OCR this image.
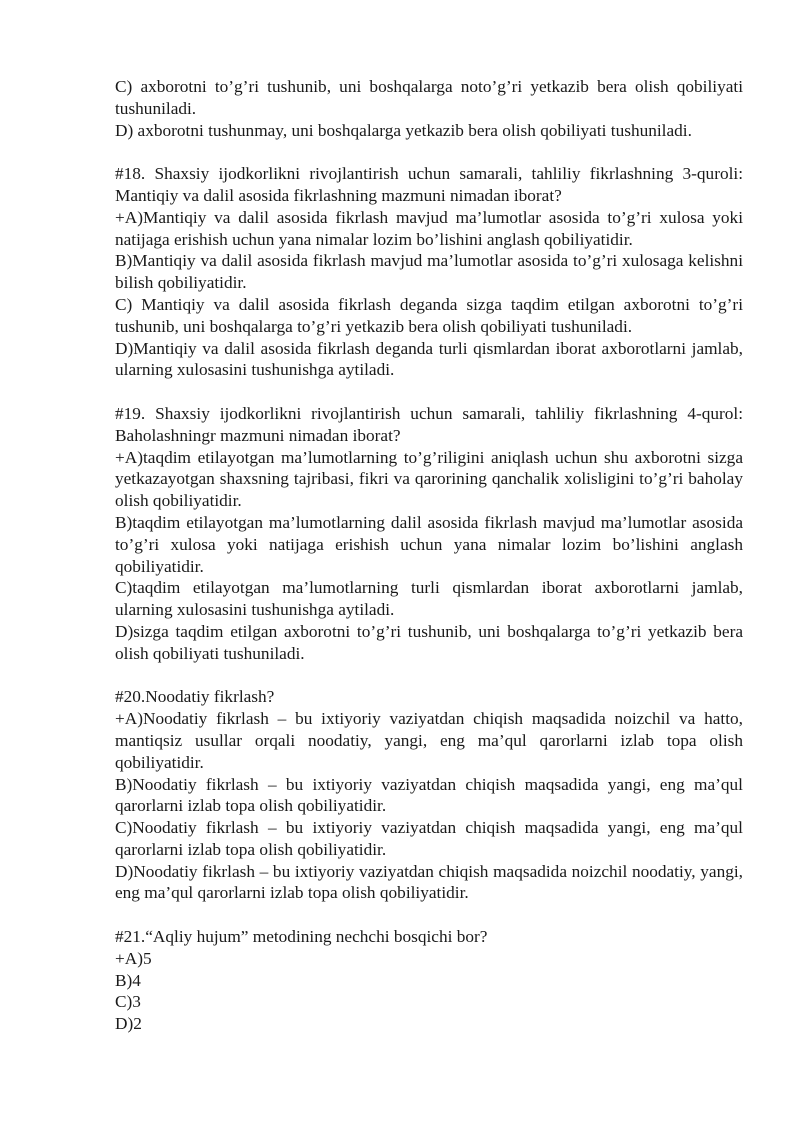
C) axborotni to’g’ri tushunib, uni boshqalarga noto’g’ri yetkazib bera olish qobiliyati tushuniladi.

D) axborotni tushunmay, uni boshqalarga yetkazib bera olish qobiliyati tushuniladi.

#18. Shaxsiy ijodkorlikni rivojlantirish uchun samarali, tahliliy fikrlashning 3-quroli: Mantiqiy va dalil asosida fikrlashning mazmuni nimadan iborat?

+A)Mantiqiy va dalil asosida fikrlash mavjud ma’lumotlar asosida to’g’ri xulosa yoki natijaga erishish uchun yana nimalar lozim bo’lishini anglash qobiliyatidir.

B)Mantiqiy va dalil asosida fikrlash mavjud ma’lumotlar asosida to’g’ri xulosaga kelishni bilish qobiliyatidir.

C) Mantiqiy va dalil asosida fikrlash deganda sizga taqdim etilgan axborotni to’g’ri tushunib, uni boshqalarga to’g’ri yetkazib bera olish qobiliyati tushuniladi.

D)Mantiqiy va dalil asosida fikrlash deganda turli qismlardan iborat axborotlarni jamlab, ularning xulosasini tushunishga aytiladi.

#19. Shaxsiy ijodkorlikni rivojlantirish uchun samarali, tahliliy fikrlashning 4-qurol: Baholashningr mazmuni nimadan iborat?

+A)taqdim etilayotgan ma’lumotlarning to’g’riligini aniqlash uchun shu axborotni sizga yetkazayotgan shaxsning tajribasi, fikri va qarorining qanchalik xolisligini to’g’ri baholay olish qobiliyatidir.

B)taqdim etilayotgan ma’lumotlarning dalil asosida fikrlash mavjud ma’lumotlar asosida to’g’ri xulosa yoki natijaga erishish uchun yana nimalar lozim bo’lishini anglash qobiliyatidir.

C)taqdim etilayotgan ma’lumotlarning turli qismlardan iborat axborotlarni jamlab, ularning xulosasini tushunishga aytiladi.

D)sizga taqdim etilgan axborotni to’g’ri tushunib, uni boshqalarga to’g’ri yetkazib bera olish qobiliyati tushuniladi.

#20.Noodatiy fikrlash?

+A)Noodatiy fikrlash – bu ixtiyoriy vaziyatdan chiqish maqsadida noizchil va hatto, mantiqsiz usullar orqali noodatiy, yangi, eng ma’qul qarorlarni izlab topa olish qobiliyatidir.

B)Noodatiy fikrlash – bu ixtiyoriy vaziyatdan chiqish maqsadida yangi, eng ma’qul qarorlarni izlab topa olish qobiliyatidir.

C)Noodatiy fikrlash – bu ixtiyoriy vaziyatdan chiqish maqsadida yangi, eng ma’qul qarorlarni izlab topa olish qobiliyatidir.

D)Noodatiy fikrlash – bu ixtiyoriy vaziyatdan chiqish maqsadida noizchil noodatiy, yangi, eng ma’qul qarorlarni izlab topa olish qobiliyatidir.

#21.“Aqliy hujum” metodining nechchi bosqichi bor?

+A)5

B)4

C)3

D)2
